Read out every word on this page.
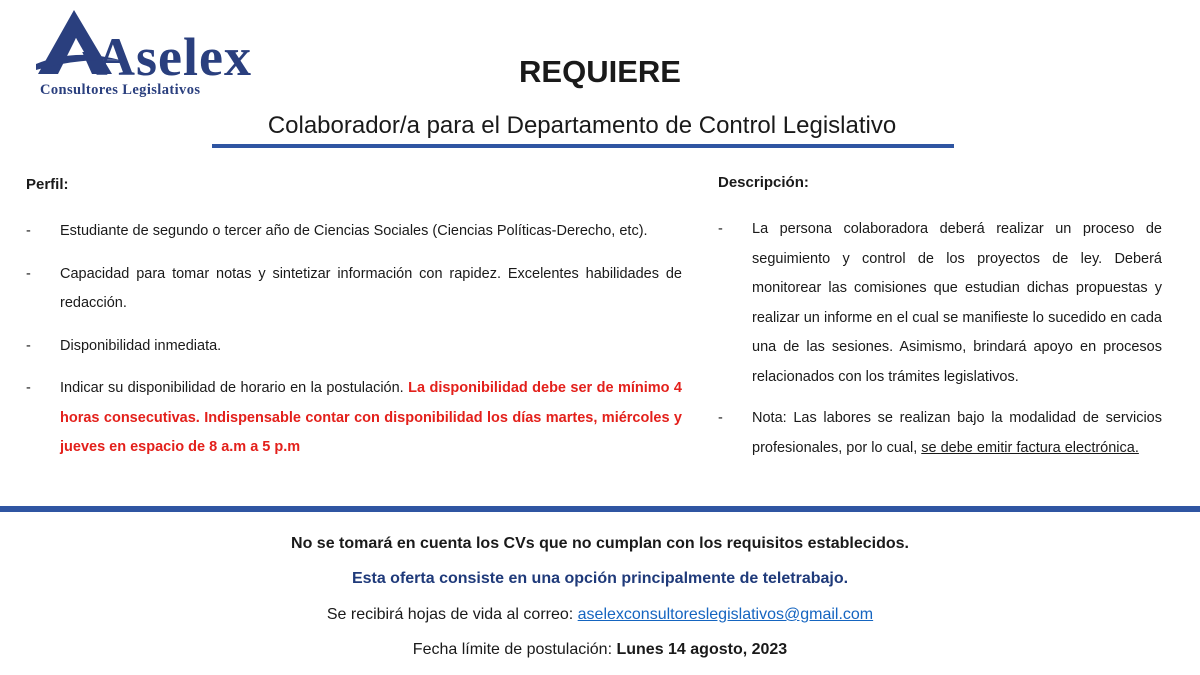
Aselex
Consultores Legislativos
REQUIERE
Colaborador/a para el Departamento de Control Legislativo
Perfil:
- Estudiante de segundo o tercer año de Ciencias Sociales (Ciencias Políticas-Derecho, etc).
- Capacidad para tomar notas y sintetizar información con rapidez. Excelentes habilidades de redacción.
- Disponibilidad inmediata.
- Indicar su disponibilidad de horario en la postulación. La disponibilidad debe ser de mínimo 4 horas consecutivas. Indispensable contar con disponibilidad los días martes, miércoles y jueves en espacio de 8 a.m a 5 p.m
Descripción:
- La persona colaboradora deberá realizar un proceso de seguimiento y control de los proyectos de ley. Deberá monitorear las comisiones que estudian dichas propuestas y realizar un informe en el cual se manifieste lo sucedido en cada una de las sesiones. Asimismo, brindará apoyo en procesos relacionados con los trámites legislativos.
- Nota: Las labores se realizan bajo la modalidad de servicios profesionales, por lo cual, se debe emitir factura electrónica.
No se tomará en cuenta los CVs que no cumplan con los requisitos establecidos.
Esta oferta consiste en una opción principalmente de teletrabajo.
Se recibirá hojas de vida al correo: aselexconsultoreslegislativos@gmail.com
Fecha límite de postulación: Lunes 14 agosto, 2023
